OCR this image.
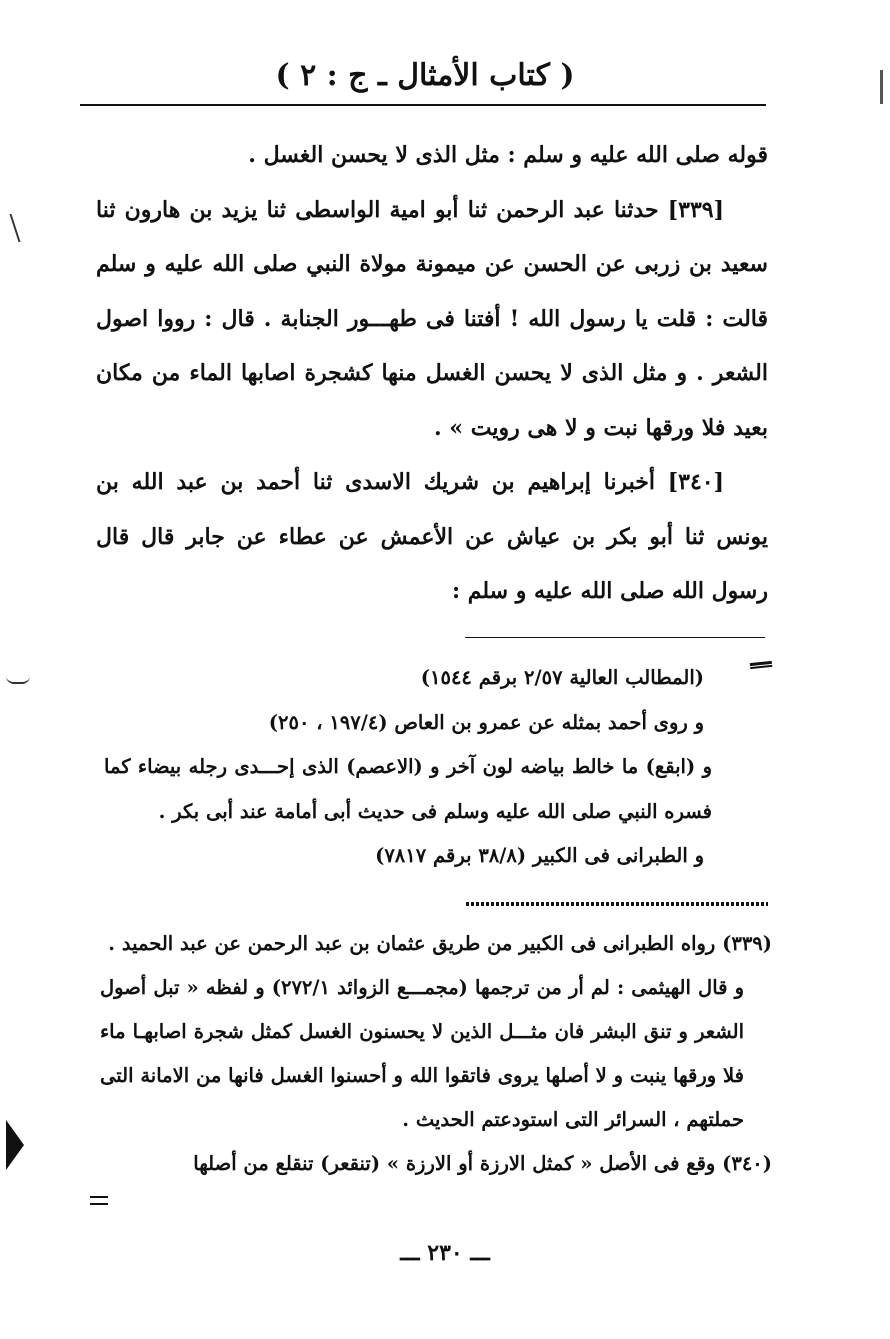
( كتاب الأمثال ـ ج : ٢ )

قوله صلى الله عليه و سلم : مثل الذى لا يحسن الغسل .

[٣٣٩] حدثنا عبد الرحمن ثنا أبو امية الواسطى ثنا يزيد بن هارون ثنا سعيد بن زربى عن الحسن عن ميمونة مولاة النبي صلى الله عليه و سلم قالت : قلت يا رسول الله ! أفتنا فى طهـــور الجنابة . قال : رووا اصول الشعر . و مثل الذى لا يحسن الغسل منها كشجرة اصابها الماء من مكان بعيد فلا ورقها نبت و لا هى رويت » .

[٣٤٠] أخبرنا إبراهيم بن شريك الاسدى ثنا أحمد بن عبد الله بن يونس ثنا أبو بكر بن عياش عن الأعمش عن عطاء عن جابر قال قال رسول الله صلى الله عليه و سلم :

(المطالب العالية ٢/٥٧ برقم ١٥٤٤)

و روى أحمد بمثله عن عمرو بن العاص (١٩٧/٤ ، ٢٥٠)

و (ابقع) ما خالط بياضه لون آخر و (الاعصم) الذى إحـــدى رجله بيضاء كما فسره النبي صلى الله عليه وسلم فى حديث أبى أمامة عند أبى بكر .

و الطبرانى فى الكبير (٣٨/٨ برقم ٧٨١٧)

(٣٣٩) رواه الطبرانى فى الكبير من طريق عثمان بن عبد الرحمن عن عبد الحميد .

و قال الهيثمى : لم أر من ترجمها (مجمـــع الزوائد ٢٧٢/١) و لفظه « تبل أصول الشعر و تنق البشر فان مثـــل الذين لا يحسنون الغسل كمثل شجرة اصابهـا ماء فلا ورقها ينبت و لا أصلها يروى فاتقوا الله و أحسنوا الغسل فانها من الامانة التى حملتهم ، السرائر التى استودعتم الحديث .

(٣٤٠) وقع فى الأصل « كمثل الارزة أو الارزة » (تنقعر) تنقلع من أصلها

ـــ ٢٣٠ ـــ
